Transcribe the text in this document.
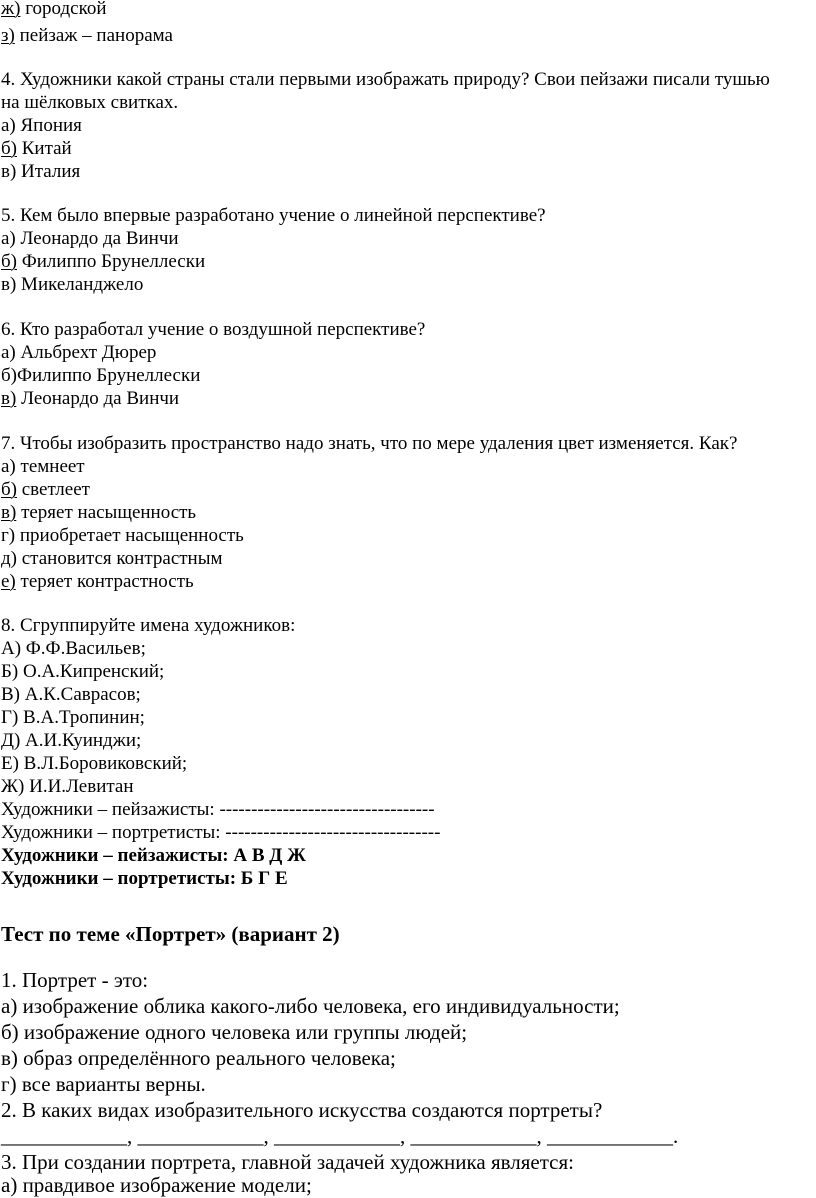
ж) городской
з) пейзаж – панорама
4. Художники какой страны стали первыми изображать природу? Свои пейзажи писали тушью
на шёлковых свитках.
а) Япония
б) Китай
в) Италия
5. Кем было впервые разработано учение о линейной перспективе?
а) Леонардо да Винчи
б) Филиппо Брунеллески
в) Микеланджело
6. Кто разработал учение о воздушной перспективе?
а) Альбрехт Дюрер
б)Филиппо Брунеллески
в) Леонардо да Винчи
7. Чтобы изобразить пространство надо знать, что по мере удаления цвет изменяется. Как?
а) темнеет
б) светлеет
в) теряет насыщенность
г) приобретает насыщенность
д) становится контрастным
е) теряет контрастность
8. Сгруппируйте имена художников:
А) Ф.Ф.Васильев;
Б) О.А.Кипренский;
В) А.К.Саврасов;
Г) В.А.Тропинин;
Д) А.И.Куинджи;
Е) В.Л.Боровиковский;
Ж) И.И.Левитан
Художники – пейзажисты: ----------------------------------
Художники – портретисты: ----------------------------------
Художники – пейзажисты: А В Д Ж
Художники – портретисты: Б Г Е
Тест по теме «Портрет» (вариант 2)
1. Портрет - это:
а) изображение облика какого-либо человека, его индивидуальности;
б) изображение одного человека или группы людей;
в) образ определённого реального человека;
г) все варианты верны.
2. В каких видах изобразительного искусства создаются портреты?
____________, ____________, ____________, ____________, ____________.
3. При создании портрета, главной задачей художника является:
а) правдивое изображение модели;
